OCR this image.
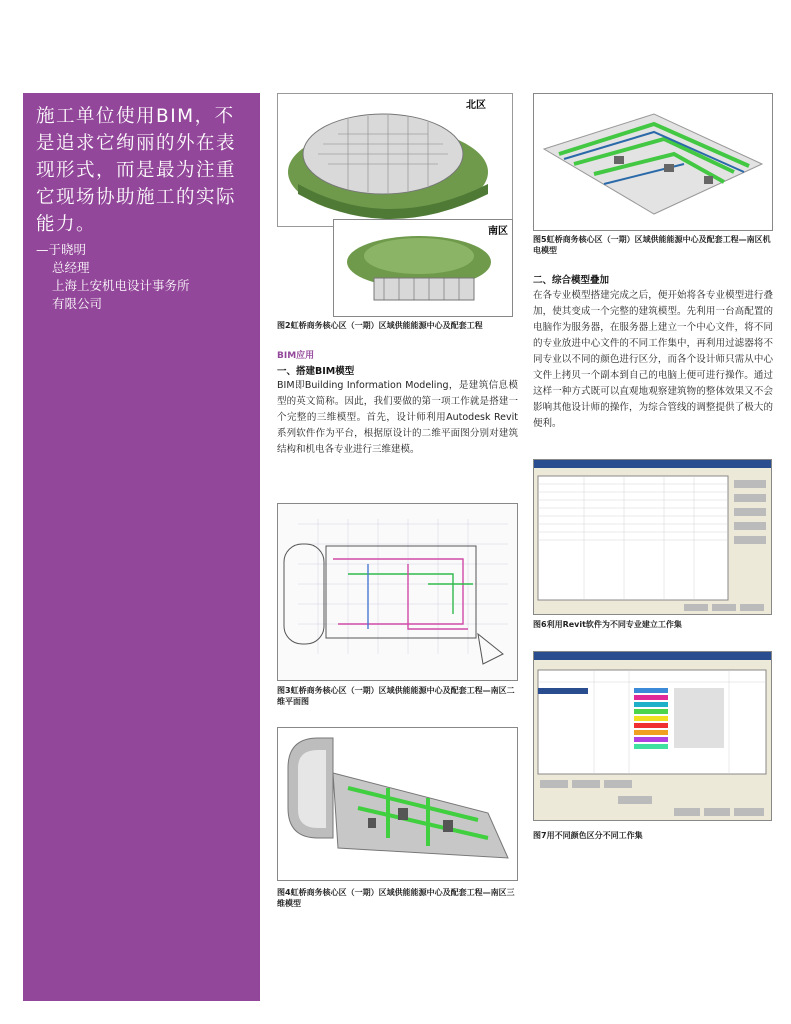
施工单位使用BIM，不是追求它绚丽的外在表现形式，而是最为注重它现场协助施工的实际能力。

—于晓明
总经理
上海上安机电设计事务所
有限公司
北区
南区
图2虹桥商务核心区（一期）区域供能能源中心及配套工程
BIM应用
一、搭建BIM模型

BIM即Building Information Modeling，是建筑信息模型的英文简称。因此，我们要做的第一项工作就是搭建一个完整的三维模型。首先，设计师利用Autodesk Revit系列软件作为平台，根据原设计的二维平面图分别对建筑结构和机电各专业进行三维建模。

图3虹桥商务核心区（一期）区域供能能源中心及配套工程—南区二维平面图
图4虹桥商务核心区（一期）区域供能能源中心及配套工程—南区三维模型
图5虹桥商务核心区（一期）区域供能能源中心及配套工程—南区机电模型
二、综合模型叠加

在各专业模型搭建完成之后，便开始将各专业模型进行叠加，使其变成一个完整的建筑模型。先利用一台高配置的电脑作为服务器，在服务器上建立一个中心文件，将不同的专业放进中心文件的不同工作集中，再利用过滤器将不同专业以不同的颜色进行区分，而各个设计师只需从中心文件上拷贝一个副本到自己的电脑上便可进行操作。通过这样一种方式既可以直观地观察建筑物的整体效果又不会影响其他设计师的操作，为综合管线的调整提供了极大的便利。

图6利用Revit软件为不同专业建立工作集
图7用不同颜色区分不同工作集
